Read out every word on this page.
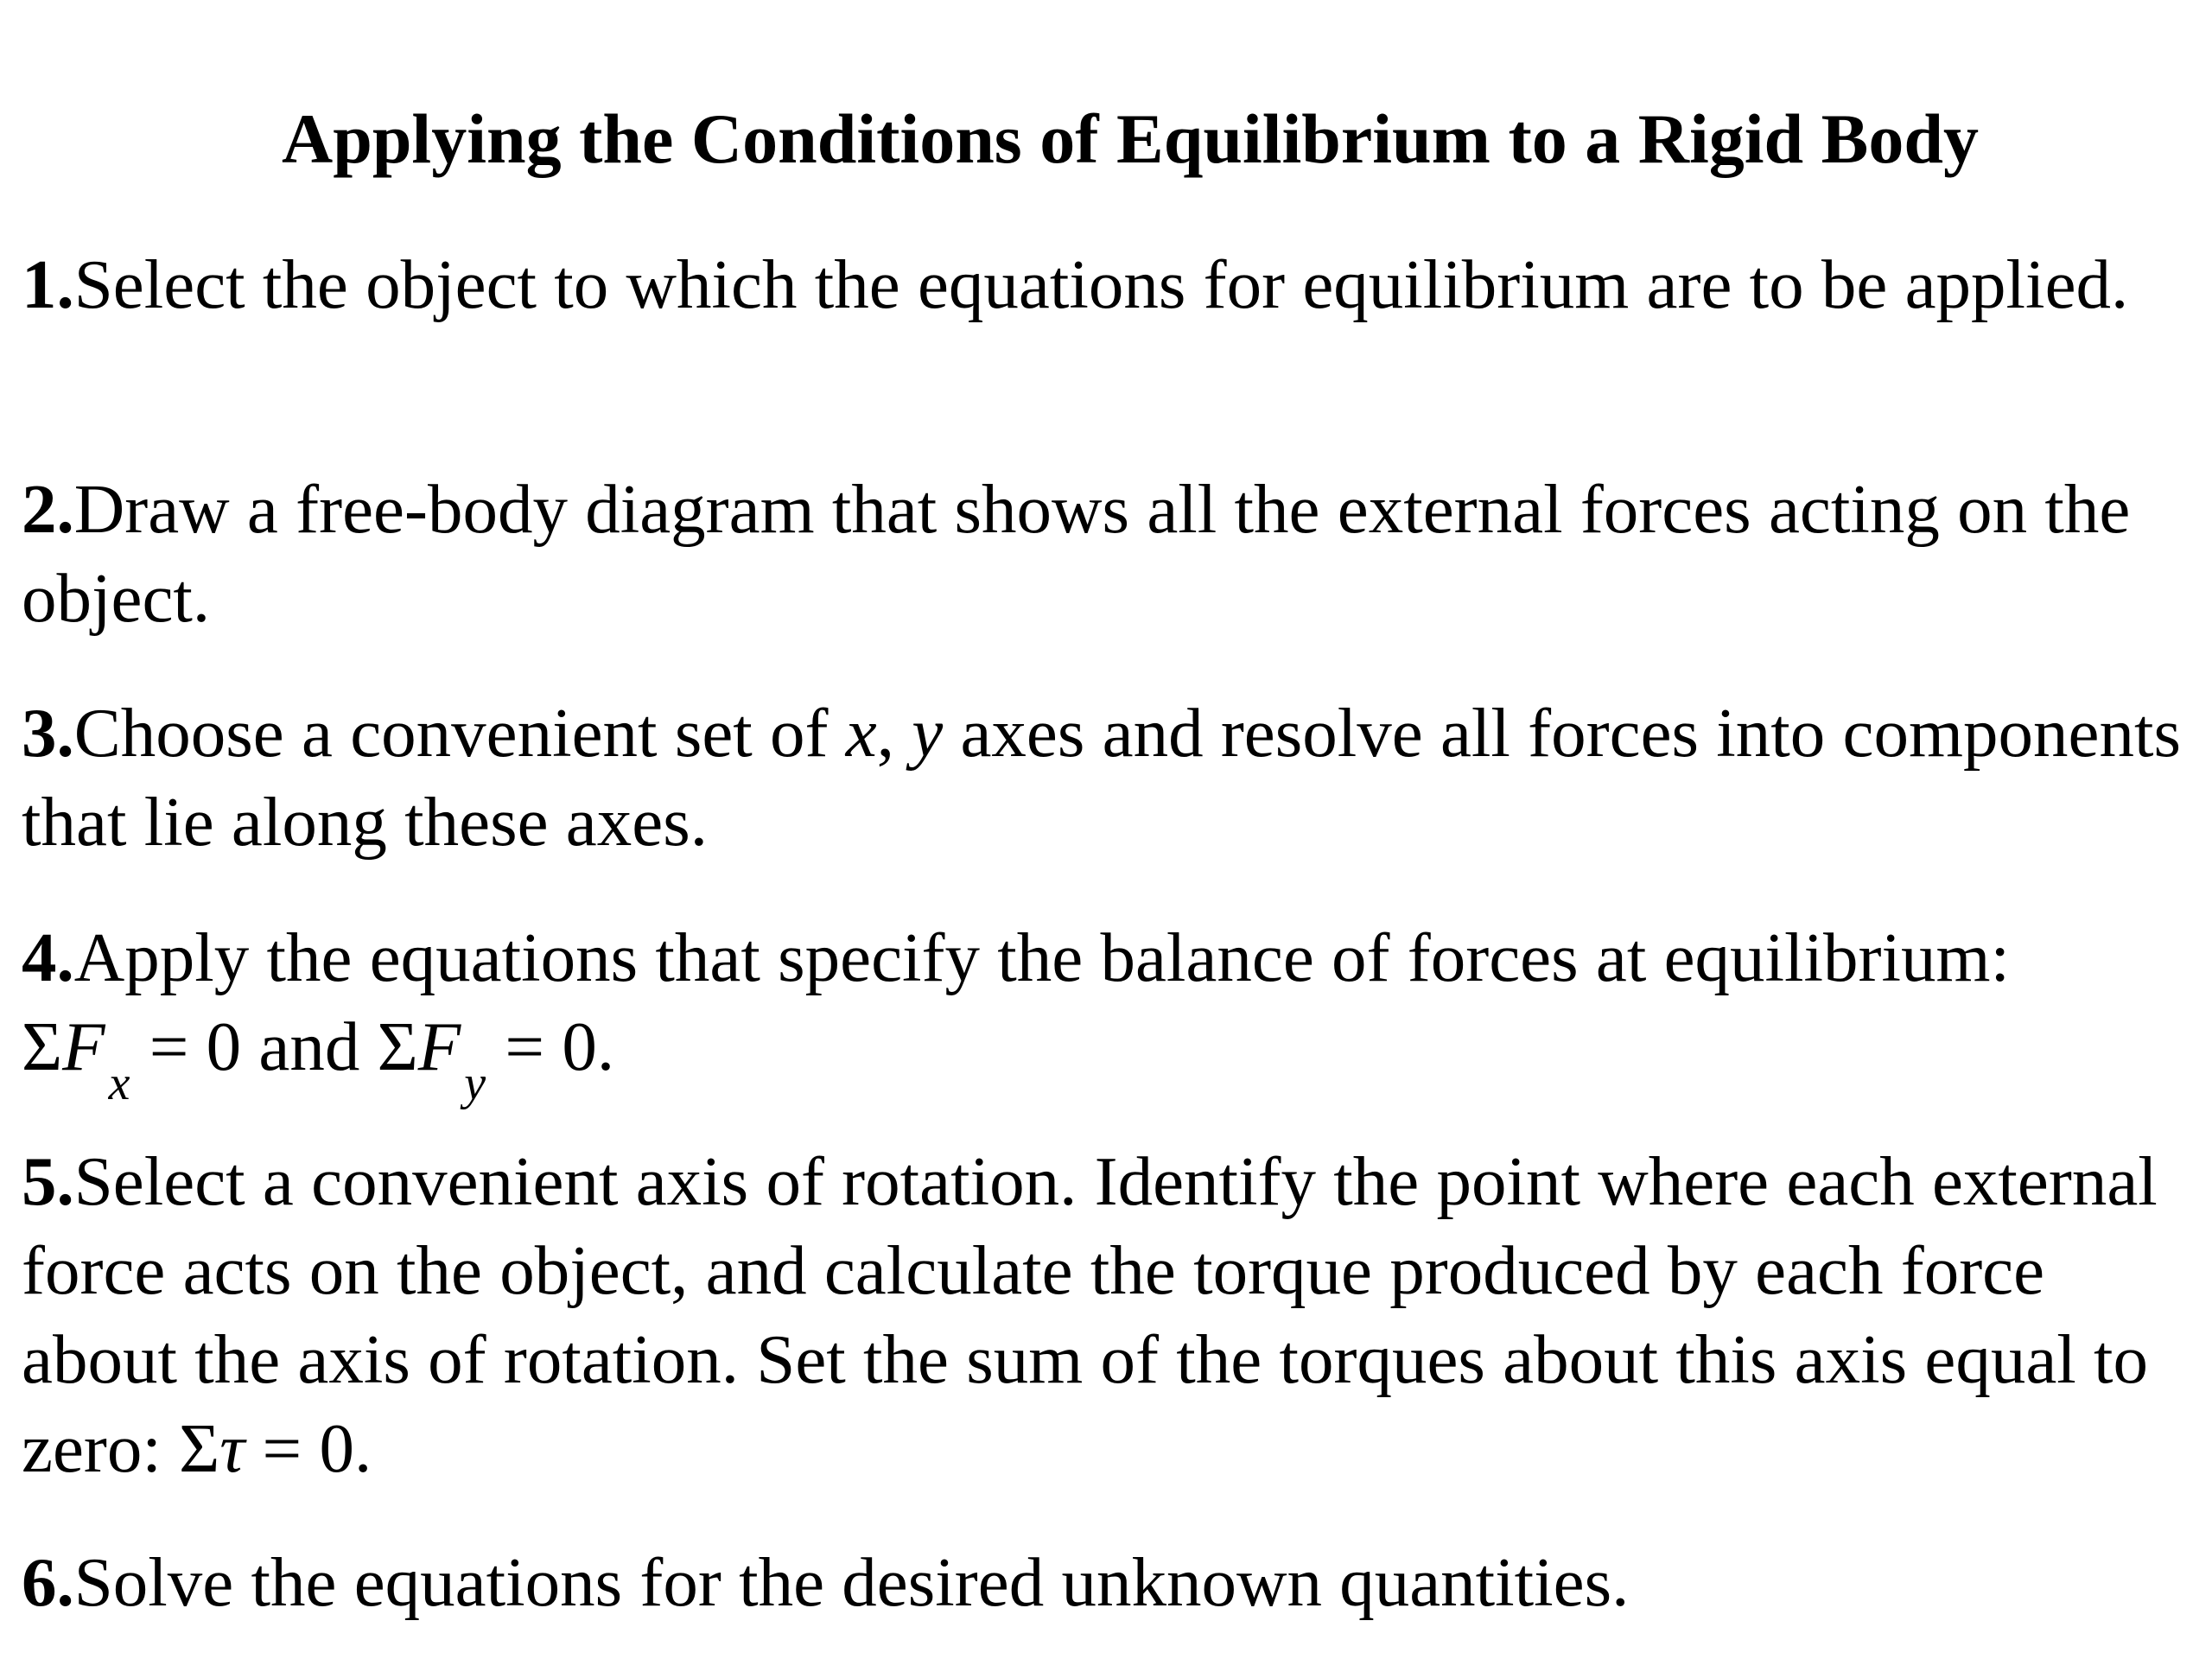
Applying the Conditions of Equilibrium to a Rigid Body

1.Select the object to which the equations for equilibrium are to be applied.

2.Draw a free-body diagram that shows all the external forces acting on the object.

3.Choose a convenient set of x, y axes and resolve all forces into components that lie along these axes.

4.Apply the equations that specify the balance of forces at equilibrium:
$\Sigma F_x = 0$ and $\Sigma F_y = 0$.

5.Select a convenient axis of rotation. Identify the point where each external force acts on the object, and calculate the torque produced by each force about the axis of rotation. Set the sum of the torques about this axis equal to zero: Στ = 0.

6.Solve the equations for the desired unknown quantities.
